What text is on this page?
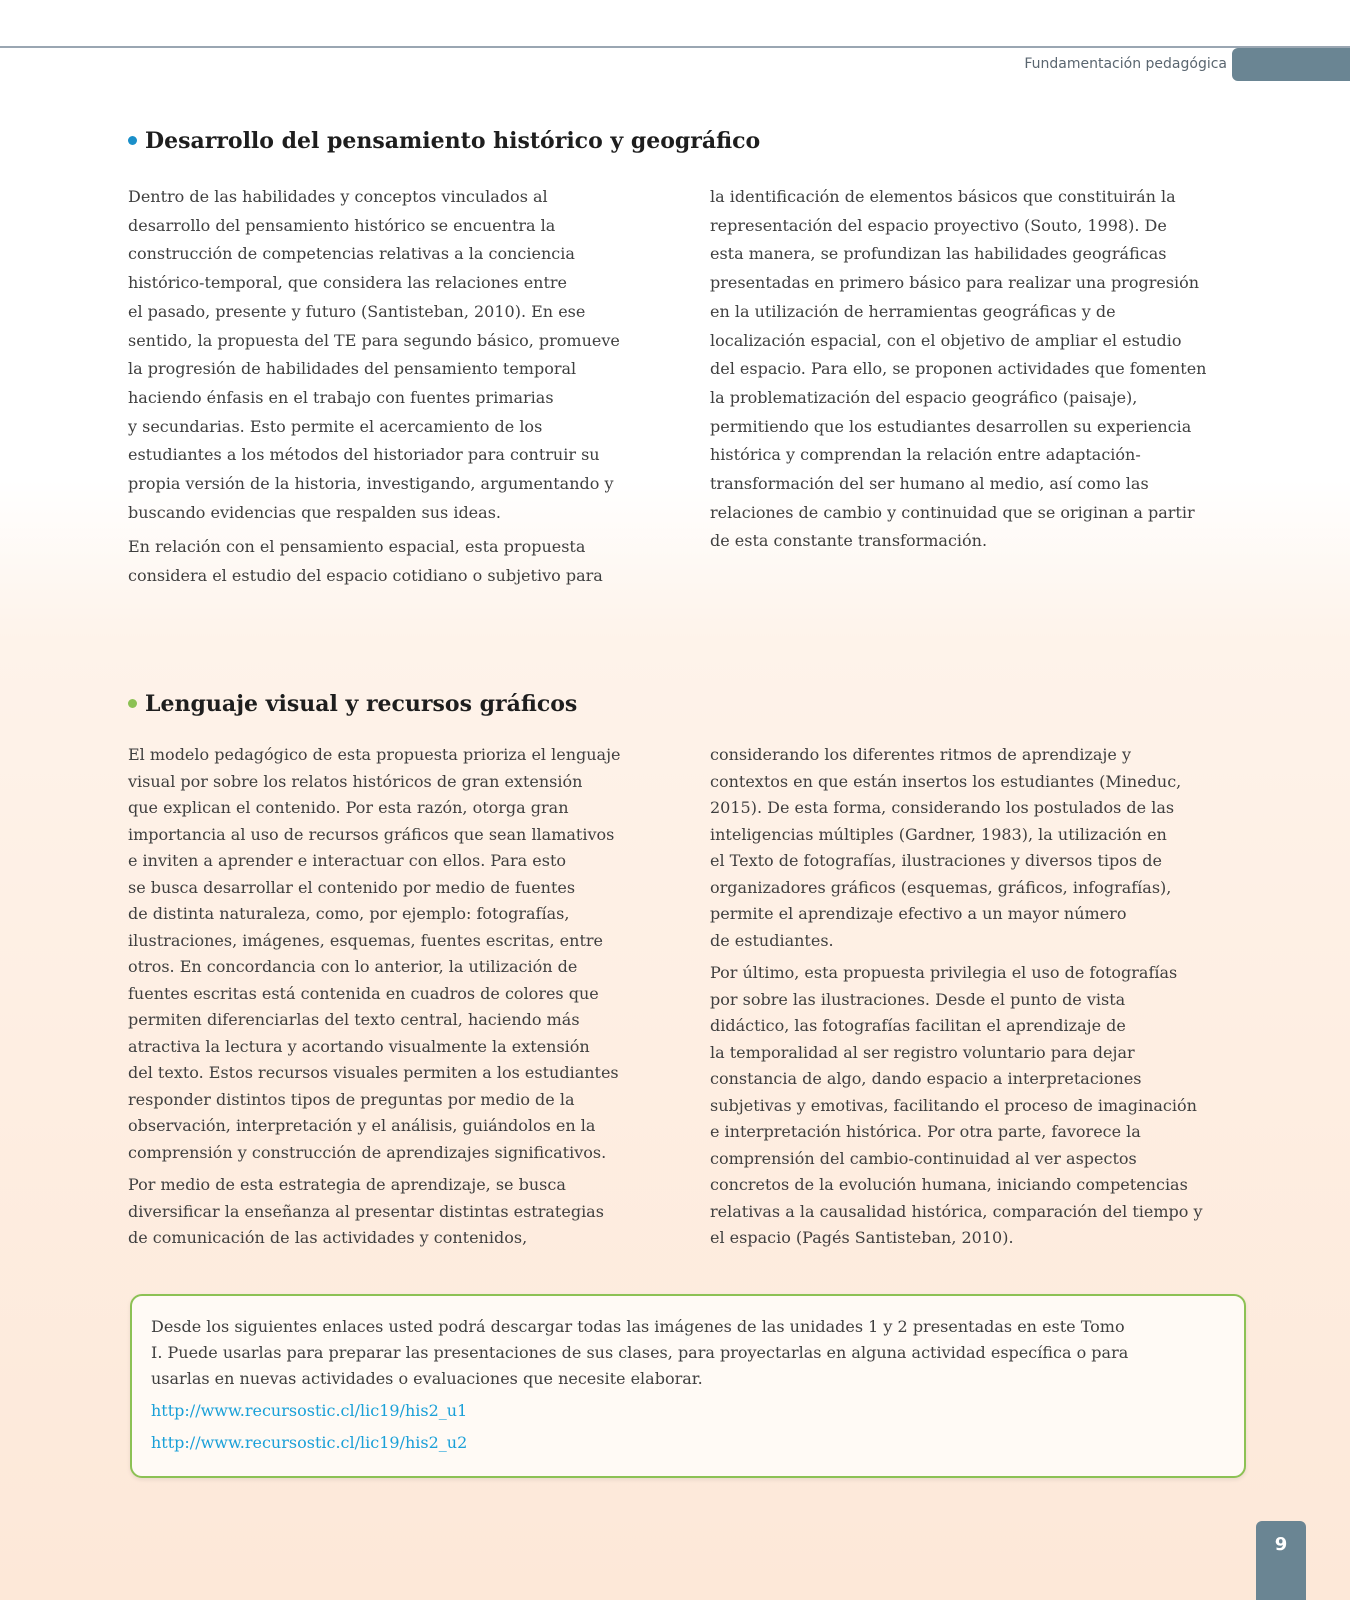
Fundamentación pedagógica
Desarrollo del pensamiento histórico y geográfico

Dentro de las habilidades y conceptos vinculados al
desarrollo del pensamiento histórico se encuentra la
construcción de competencias relativas a la conciencia
histórico-temporal, que considera las relaciones entre
el pasado, presente y futuro (Santisteban, 2010). En ese
sentido, la propuesta del TE para segundo básico, promueve
la progresión de habilidades del pensamiento temporal
haciendo énfasis en el trabajo con fuentes primarias
y secundarias. Esto permite el acercamiento de los
estudiantes a los métodos del historiador para contruir su
propia versión de la historia, investigando, argumentando y
buscando evidencias que respalden sus ideas.

En relación con el pensamiento espacial, esta propuesta
considera el estudio del espacio cotidiano o subjetivo para

la identificación de elementos básicos que constituirán la
representación del espacio proyectivo (Souto, 1998). De
esta manera, se profundizan las habilidades geográficas
presentadas en primero básico para realizar una progresión
en la utilización de herramientas geográficas y de
localización espacial, con el objetivo de ampliar el estudio
del espacio. Para ello, se proponen actividades que fomenten
la problematización del espacio geográfico (paisaje),
permitiendo que los estudiantes desarrollen su experiencia
histórica y comprendan la relación entre adaptación-
transformación del ser humano al medio, así como las
relaciones de cambio y continuidad que se originan a partir
de esta constante transformación.

Lenguaje visual y recursos gráficos

El modelo pedagógico de esta propuesta prioriza el lenguaje
visual por sobre los relatos históricos de gran extensión
que explican el contenido. Por esta razón, otorga gran
importancia al uso de recursos gráficos que sean llamativos
e inviten a aprender e interactuar con ellos. Para esto
se busca desarrollar el contenido por medio de fuentes
de distinta naturaleza, como, por ejemplo: fotografías,
ilustraciones, imágenes, esquemas, fuentes escritas, entre
otros. En concordancia con lo anterior, la utilización de
fuentes escritas está contenida en cuadros de colores que
permiten diferenciarlas del texto central, haciendo más
atractiva la lectura y acortando visualmente la extensión
del texto. Estos recursos visuales permiten a los estudiantes
responder distintos tipos de preguntas por medio de la
observación, interpretación y el análisis, guiándolos en la
comprensión y construcción de aprendizajes significativos.

Por medio de esta estrategia de aprendizaje, se busca
diversificar la enseñanza al presentar distintas estrategias
de comunicación de las actividades y contenidos,

considerando los diferentes ritmos de aprendizaje y
contextos en que están insertos los estudiantes (Mineduc,
2015). De esta forma, considerando los postulados de las
inteligencias múltiples (Gardner, 1983), la utilización en
el Texto de fotografías, ilustraciones y diversos tipos de
organizadores gráficos (esquemas, gráficos, infografías),
permite el aprendizaje efectivo a un mayor número
de estudiantes.

Por último, esta propuesta privilegia el uso de fotografías
por sobre las ilustraciones. Desde el punto de vista
didáctico, las fotografías facilitan el aprendizaje de
la temporalidad al ser registro voluntario para dejar
constancia de algo, dando espacio a interpretaciones
subjetivas y emotivas, facilitando el proceso de imaginación
e interpretación histórica. Por otra parte, favorece la
comprensión del cambio-continuidad al ver aspectos
concretos de la evolución humana, iniciando competencias
relativas a la causalidad histórica, comparación del tiempo y
el espacio (Pagés Santisteban, 2010).

Desde los siguientes enlaces usted podrá descargar todas las imágenes de las unidades 1 y 2 presentadas en este Tomo
I. Puede usarlas para preparar las presentaciones de sus clases, para proyectarlas en alguna actividad específica o para
usarlas en nuevas actividades o evaluaciones que necesite elaborar.

http://www.recursostic.cl/lic19/his2_u1
http://www.recursostic.cl/lic19/his2_u2
9
